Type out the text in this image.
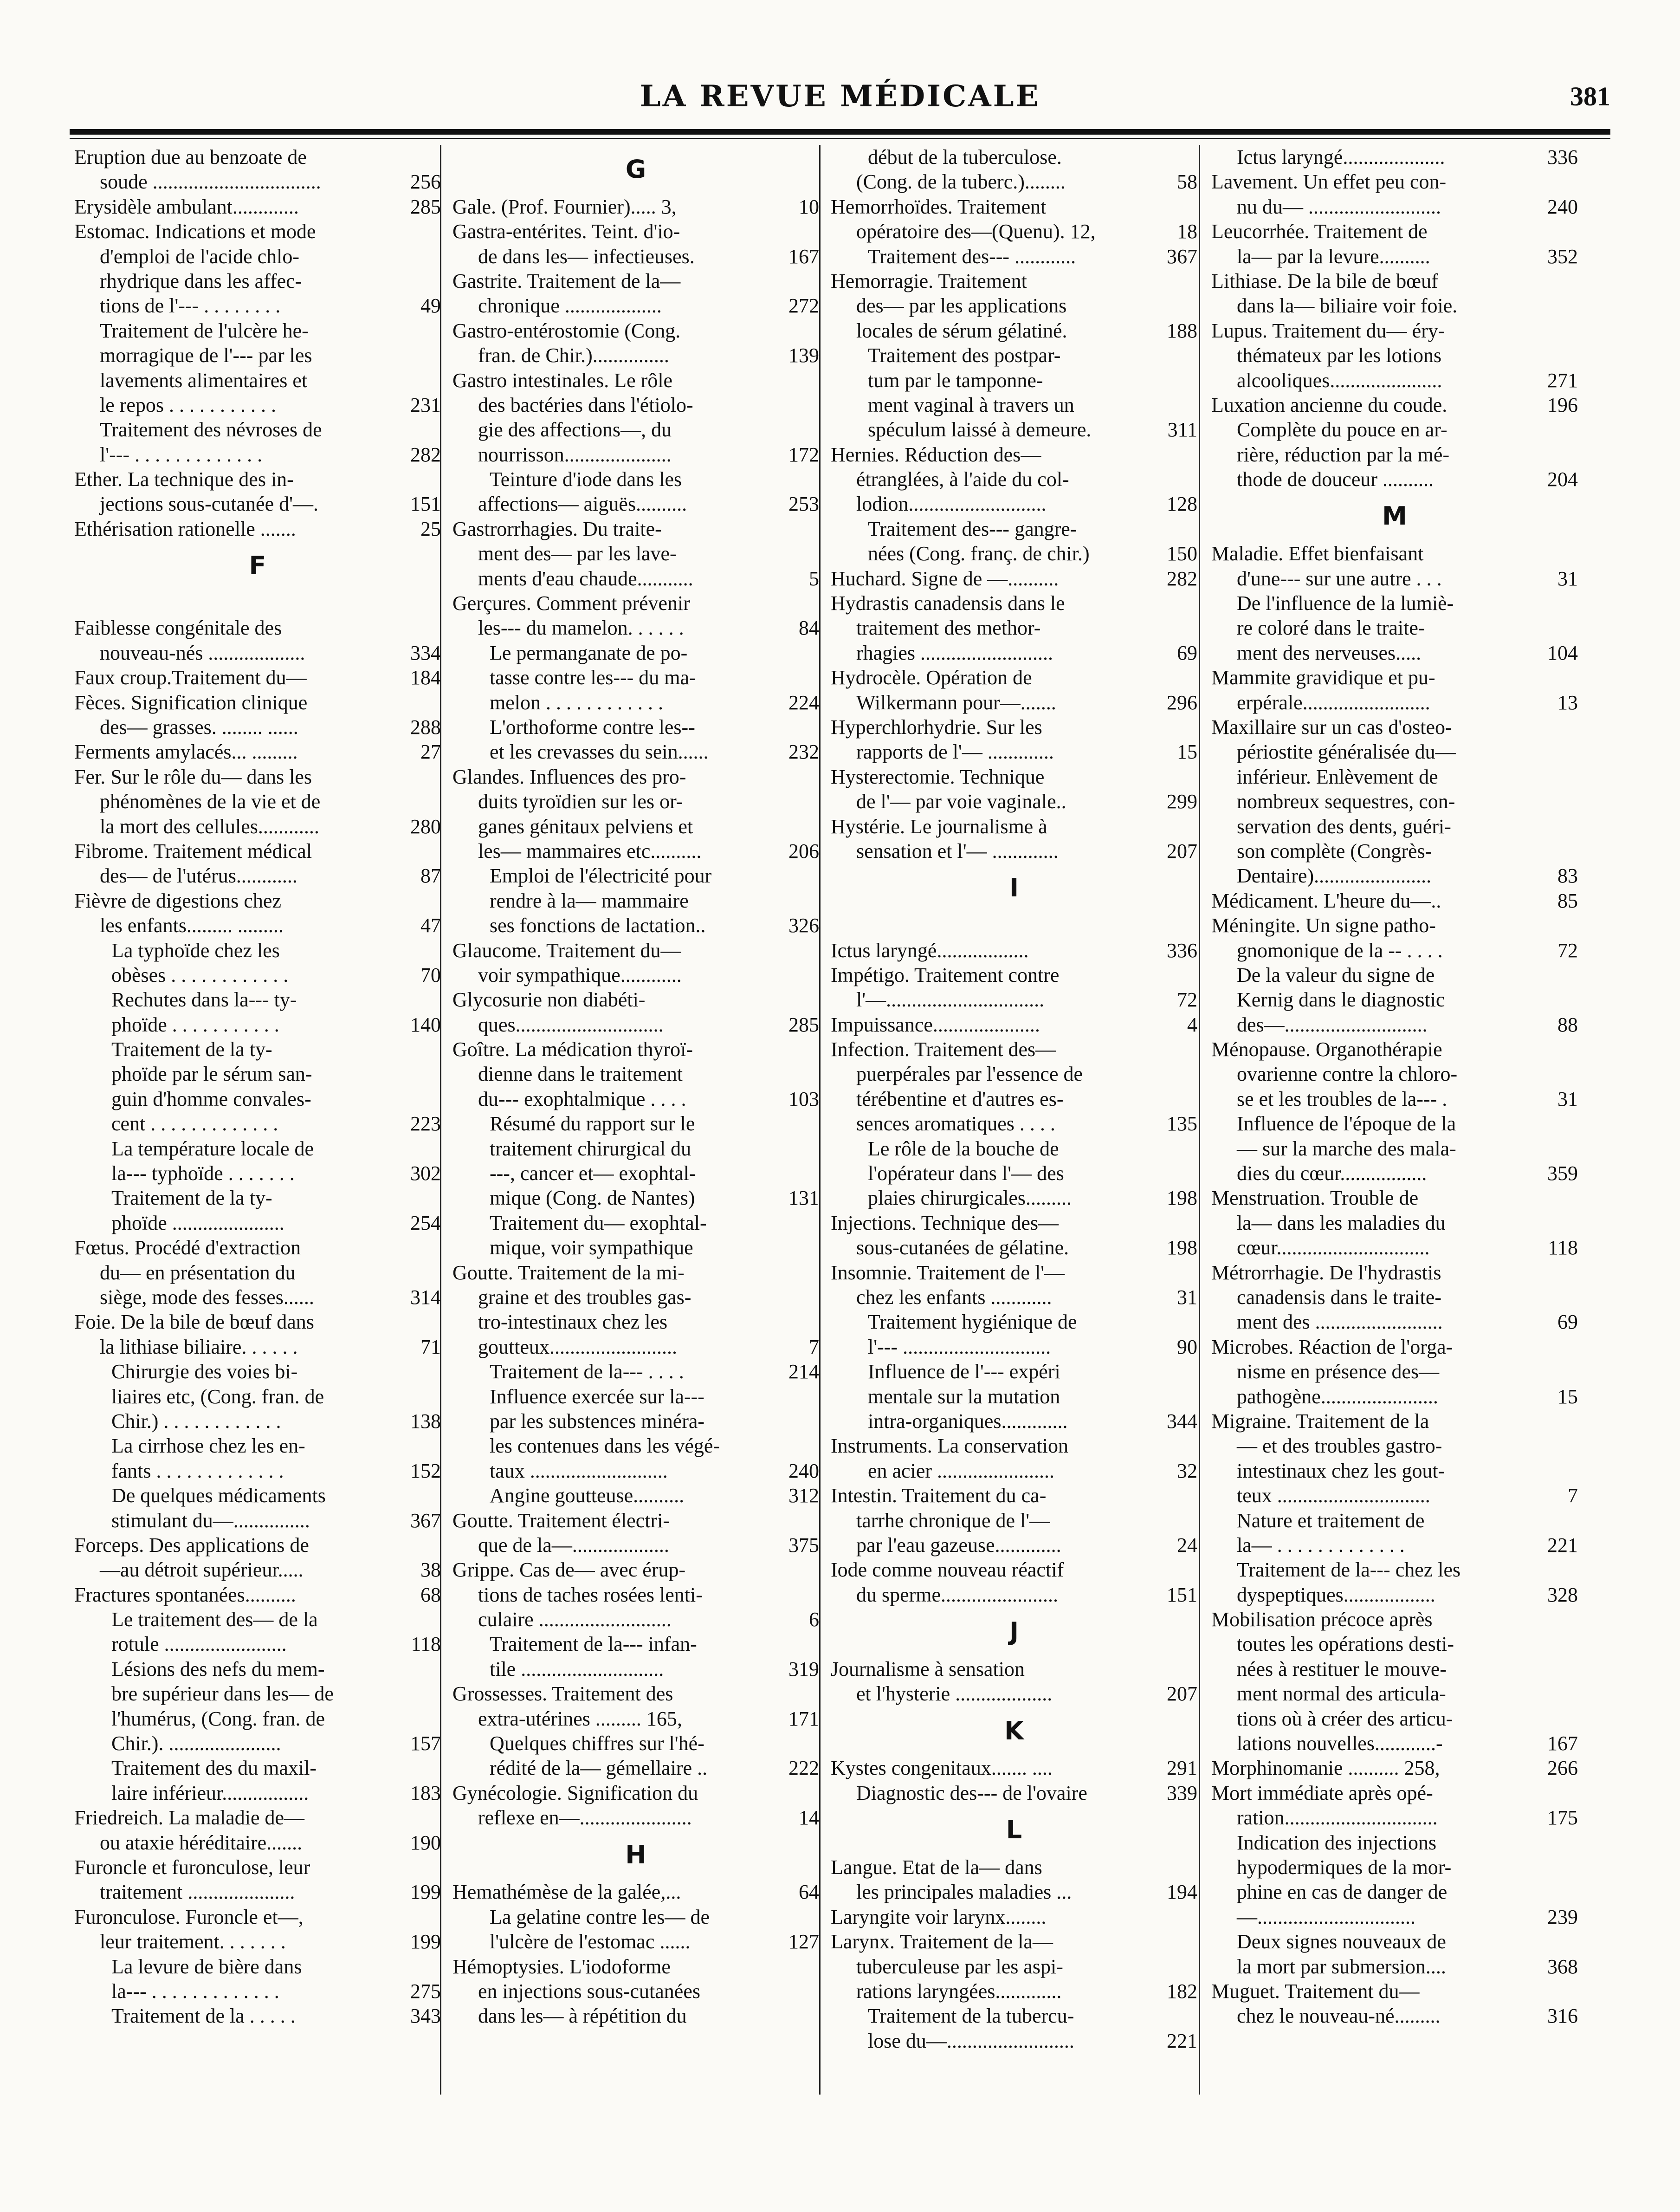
LA REVUE MÉDICALE	381
Eruption due au benzoate de
soude .................................	256
Erysidèle ambulant.............	285
Estomac. Indications et mode
d'emploi de l'acide chlo-
rhydrique dans les affec-
tions de l'--- . . . . . . . .	49
Traitement de l'ulcère he-
morragique de l'--- par les
lavements alimentaires et
le repos . . . . . . . . . . .	231
Traitement des névroses de
l'--- . . . . . . . . . . . . .	282
Ether. La technique des in-
jections sous-cutanée d'—.	151
Ethérisation rationelle .......	25
F
Faiblesse congénitale des
nouveau-nés ...................	334
Faux croup.Traitement du—	184
Fèces. Signification clinique
des— grasses. ........ ......	288
Ferments amylacés... .........	27
Fer. Sur le rôle du— dans les
phénomènes de la vie et de
la mort des cellules............	280
Fibrome. Traitement médical
des— de l'utérus............	87
Fièvre de digestions chez
les enfants......... .........	47
La typhoïde chez les
obèses . . . . . . . . . . . .	70
Rechutes dans la--- ty-
phoïde . . . . . . . . . . .	140
Traitement de la ty-
phoïde par le sérum san-
guin d'homme convales-
cent . . . . . . . . . . . . .	223
La température locale de
la--- typhoïde . . . . . . .	302
Traitement de la ty-
phoïde ......................	254
Fœtus. Procédé d'extraction
du— en présentation du
siège, mode des fesses......	314
Foie. De la bile de bœuf dans
la lithiase biliaire. . . . . .	71
Chirurgie des voies bi-
liaires etc, (Cong. fran. de
Chir.) . . . . . . . . . . . .	138
La cirrhose chez les en-
fants . . . . . . . . . . . . .	152
De quelques médicaments
stimulant du—...............	367
Forceps. Des applications de
—au détroit supérieur.....	38
Fractures spontanées..........	68
Le traitement des— de la
rotule ........................	118
Lésions des nefs du mem-
bre supérieur dans les— de
l'humérus, (Cong. fran. de
Chir.). ......................	157
Traitement des du maxil-
laire inférieur.................	183
Friedreich. La maladie de—
ou ataxie héréditaire.......	190
Furoncle et furonculose, leur
traitement .....................	199
Furonculose. Furoncle et—,
leur traitement. . . . . . .	199
La levure de bière dans
la--- . . . . . . . . . . . . .	275
Traitement de la . . . . .	343
G
Gale. (Prof. Fournier)..... 3,	10
Gastra-entérites. Teint. d'io-
de dans les— infectieuses.	167
Gastrite. Traitement de la—
chronique ...................	272
Gastro-entérostomie (Cong.
fran. de Chir.)...............	139
Gastro intestinales. Le rôle
des bactéries dans l'étiolo-
gie des affections—, du
nourrisson.....................	172
Teinture d'iode dans les
affections— aiguës..........	253
Gastrorrhagies. Du traite-
ment des— par les lave-
ments d'eau chaude...........	5
Gerçures. Comment prévenir
les--- du mamelon. . . . . .	84
Le permanganate de po-
tasse contre les--- du ma-
melon . . . . . . . . . . . .	224
L'orthoforme contre les--
et les crevasses du sein......	232
Glandes. Influences des pro-
duits tyroïdien sur les or-
ganes génitaux pelviens et
les— mammaires etc..........	206
Emploi de l'électricité pour
rendre à la— mammaire
ses fonctions de lactation..	326
Glaucome. Traitement du—
voir sympathique............
Glycosurie non diabéti-
ques.............................	285
Goître. La médication thyroï-
dienne dans le traitement
du--- exophtalmique . . . .	103
Résumé du rapport sur le
traitement chirurgical du
---, cancer et— exophtal-
mique (Cong. de Nantes)	131
Traitement du— exophtal-
mique, voir sympathique
Goutte. Traitement de la mi-
graine et des troubles gas-
tro-intestinaux chez les
goutteux.........................	7
Traitement de la--- . . . .	214
Influence exercée sur la---
par les substences minéra-
les contenues dans les végé-
taux ...........................	240
Angine goutteuse..........	312
Goutte. Traitement électri-
que de la—...................	375
Grippe. Cas de— avec érup-
tions de taches rosées lenti-
culaire ..........................	6
Traitement de la--- infan-
tile ............................	319
Grossesses. Traitement des
extra-utérines ......... 165,	171
Quelques chiffres sur l'hé-
rédité de la— gémellaire ..	222
Gynécologie. Signification du
reflexe en—......................	14
H
Hemathémèse de la galée,...	64
La gelatine contre les— de
l'ulcère de l'estomac ......	127
Hémoptysies. L'iodoforme
en injections sous-cutanées
dans les— à répétition du
début de la tuberculose.
(Cong. de la tuberc.)........	58
Hemorrhoïdes. Traitement
opératoire des—(Quenu). 12,	18
Traitement des--- ............	367
Hemorragie. Traitement
des— par les applications
locales de sérum gélatiné.	188
Traitement des postpar-
tum par le tamponne-
ment vaginal à travers un
spéculum laissé à demeure.	311
Hernies. Réduction des—
étranglées, à l'aide du col-
lodion...........................	128
Traitement des--- gangre-
nées (Cong. franç. de chir.)	150
Huchard. Signe de —..........	282
Hydrastis canadensis dans le
traitement des methor-
rhagies ..........................	69
Hydrocèle. Opération de
Wilkermann pour—.......	296
Hyperchlorhydrie. Sur les
rapports de l'— .............	15
Hysterectomie. Technique
de l'— par voie vaginale..	299
Hystérie. Le journalisme à
sensation et l'— .............	207
I
Ictus laryngé..................	336
Impétigo. Traitement contre
l'—...............................	72
Impuissance.....................	4
Infection. Traitement des—
puerpérales par l'essence de
térébentine et d'autres es-
sences aromatiques . . . .	135
Le rôle de la bouche de
l'opérateur dans l'— des
plaies chirurgicales.........	198
Injections. Technique des—
sous-cutanées de gélatine.	198
Insomnie. Traitement de l'—
chez les enfants ............	31
Traitement hygiénique de
l'--- .............................	90
Influence de l'--- expéri
mentale sur la mutation
intra-organiques.............	344
Instruments. La conservation
en acier .......................	32
Intestin. Traitement du ca-
tarrhe chronique de l'—
par l'eau gazeuse.............	24
Iode comme nouveau réactif
du sperme.......................	151
J
Journalisme à sensation
et l'hysterie ...................	207
K
Kystes congenitaux....... ....	291
Diagnostic des--- de l'ovaire	339
L
Langue. Etat de la— dans
les principales maladies ...	194
Laryngite voir larynx........
Larynx. Traitement de la—
tuberculeuse par les aspi-
rations laryngées.............	182
Traitement de la tubercu-
lose du—.........................	221
Ictus laryngé....................	336
Lavement. Un effet peu con-
nu du— ..........................	240
Leucorrhée. Traitement de
la— par la levure..........	352
Lithiase. De la bile de bœuf
dans la— biliaire voir foie.
Lupus. Traitement du— éry-
thémateux par les lotions
alcooliques......................	271
Luxation ancienne du coude.	196
Complète du pouce en ar-
rière, réduction par la mé-
thode de douceur ..........	204
M
Maladie. Effet bienfaisant
d'une--- sur une autre . . .	31
De l'influence de la lumiè-
re coloré dans le traite-
ment des nerveuses.....	104
Mammite gravidique et pu-
erpérale.........................	13
Maxillaire sur un cas d'osteo-
périostite généralisée du—
inférieur. Enlèvement de
nombreux sequestres, con-
servation des dents, guéri-
son complète (Congrès-
Dentaire).......................	83
Médicament. L'heure du—..	85
Méningite. Un signe patho-
gnomonique de la -- . . . .	72
De la valeur du signe de
Kernig dans le diagnostic
des—............................	88
Ménopause. Organothérapie
ovarienne contre la chloro-
se et les troubles de la--- .	31
Influence de l'époque de la
— sur la marche des mala-
dies du cœur.................	359
Menstruation. Trouble de
la— dans les maladies du
cœur..............................	118
Métrorrhagie. De l'hydrastis
canadensis dans le traite-
ment des .........................	69
Microbes. Réaction de l'orga-
nisme en présence des—
pathogène.......................	15
Migraine. Traitement de la
— et des troubles gastro-
intestinaux chez les gout-
teux ..............................	7
Nature et traitement de
la— . . . . . . . . . . . . .	221
Traitement de la--- chez les
dyspeptiques..................	328
Mobilisation précoce après
toutes les opérations desti-
nées à restituer le mouve-
ment normal des articula-
tions où à créer des articu-
lations nouvelles............-	167
Morphinomanie .......... 258,	266
Mort immédiate après opé-
ration..............................	175
Indication des injections
hypodermiques de la mor-
phine en cas de danger de
—...............................	239
Deux signes nouveaux de
la mort par submersion....	368
Muguet. Traitement du—
chez le nouveau-né.........	316
